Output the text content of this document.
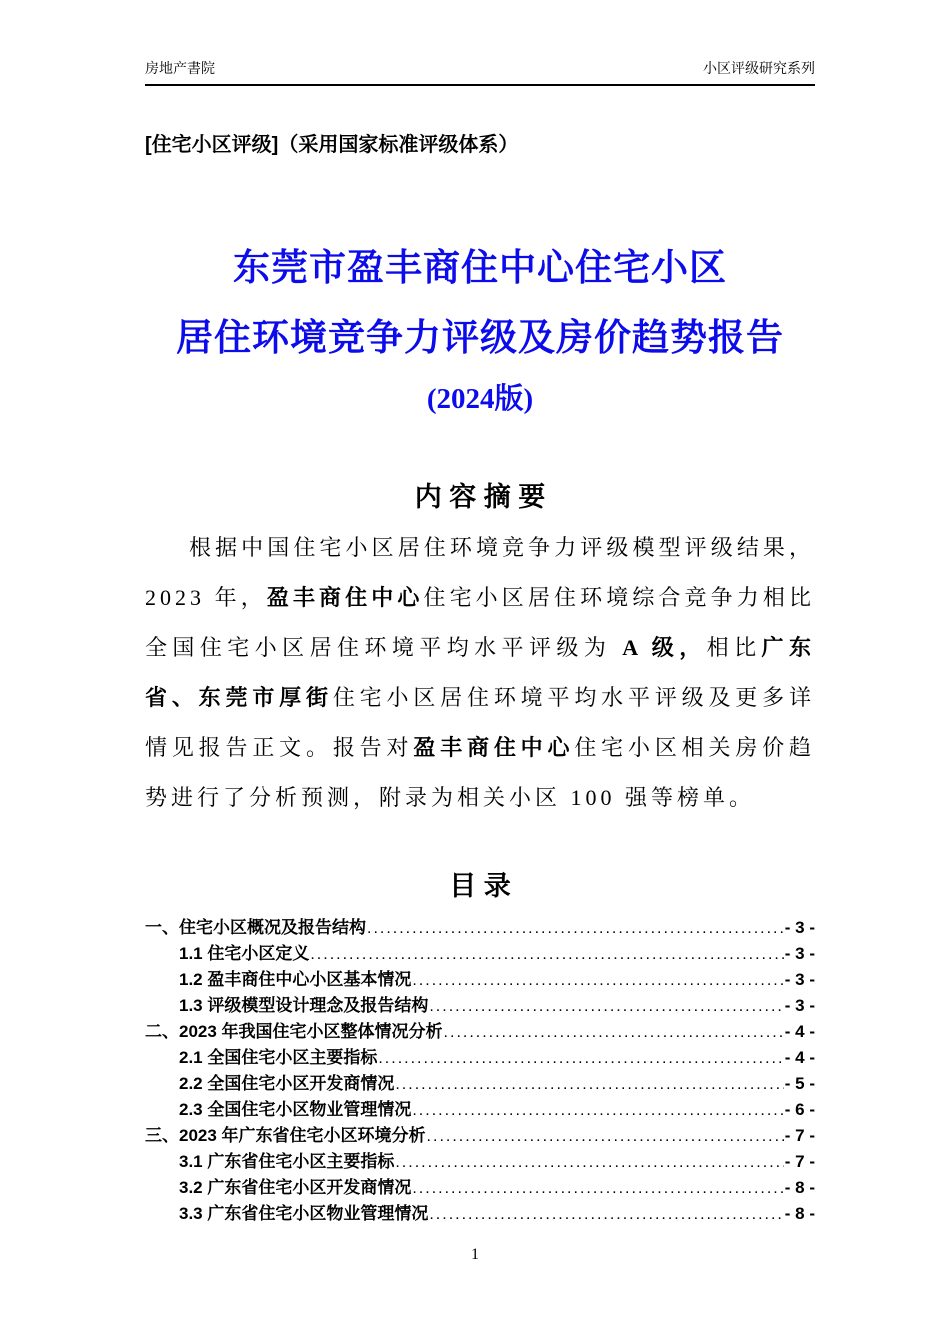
房地产書院	小区评级研究系列
[住宅小区评级]（采用国家标准评级体系）
东莞市盈丰商住中心住宅小区
居住环境竞争力评级及房价趋势报告
(2024版)
内 容 摘 要

根据中国住宅小区居住环境竞争力评级模型评级结果，2023 年，盈丰商住中心住宅小区居住环境综合竞争力相比全国住宅小区居住环境平均水平评级为 A 级，相比广东省、东莞市厚街住宅小区居住环境平均水平评级及更多详情见报告正文。报告对盈丰商住中心住宅小区相关房价趋势进行了分析预测，附录为相关小区 100 强等榜单。

目 录
一、住宅小区概况及报告结构 .....	- 3 -
1.1 住宅小区定义 .....	- 3 -
1.2 盈丰商住中心小区基本情况 .....	- 3 -
1.3 评级模型设计理念及报告结构 .....	- 3 -
二、2023 年我国住宅小区整体情况分析 .....	- 4 -
2.1 全国住宅小区主要指标 .....	- 4 -
2.2 全国住宅小区开发商情况 .....	- 5 -
2.3 全国住宅小区物业管理情况 .....	- 6 -
三、2023 年广东省住宅小区环境分析 .....	- 7 -
3.1 广东省住宅小区主要指标 .....	- 7 -
3.2 广东省住宅小区开发商情况 .....	- 8 -
3.3 广东省住宅小区物业管理情况 .....	- 8 -
1
